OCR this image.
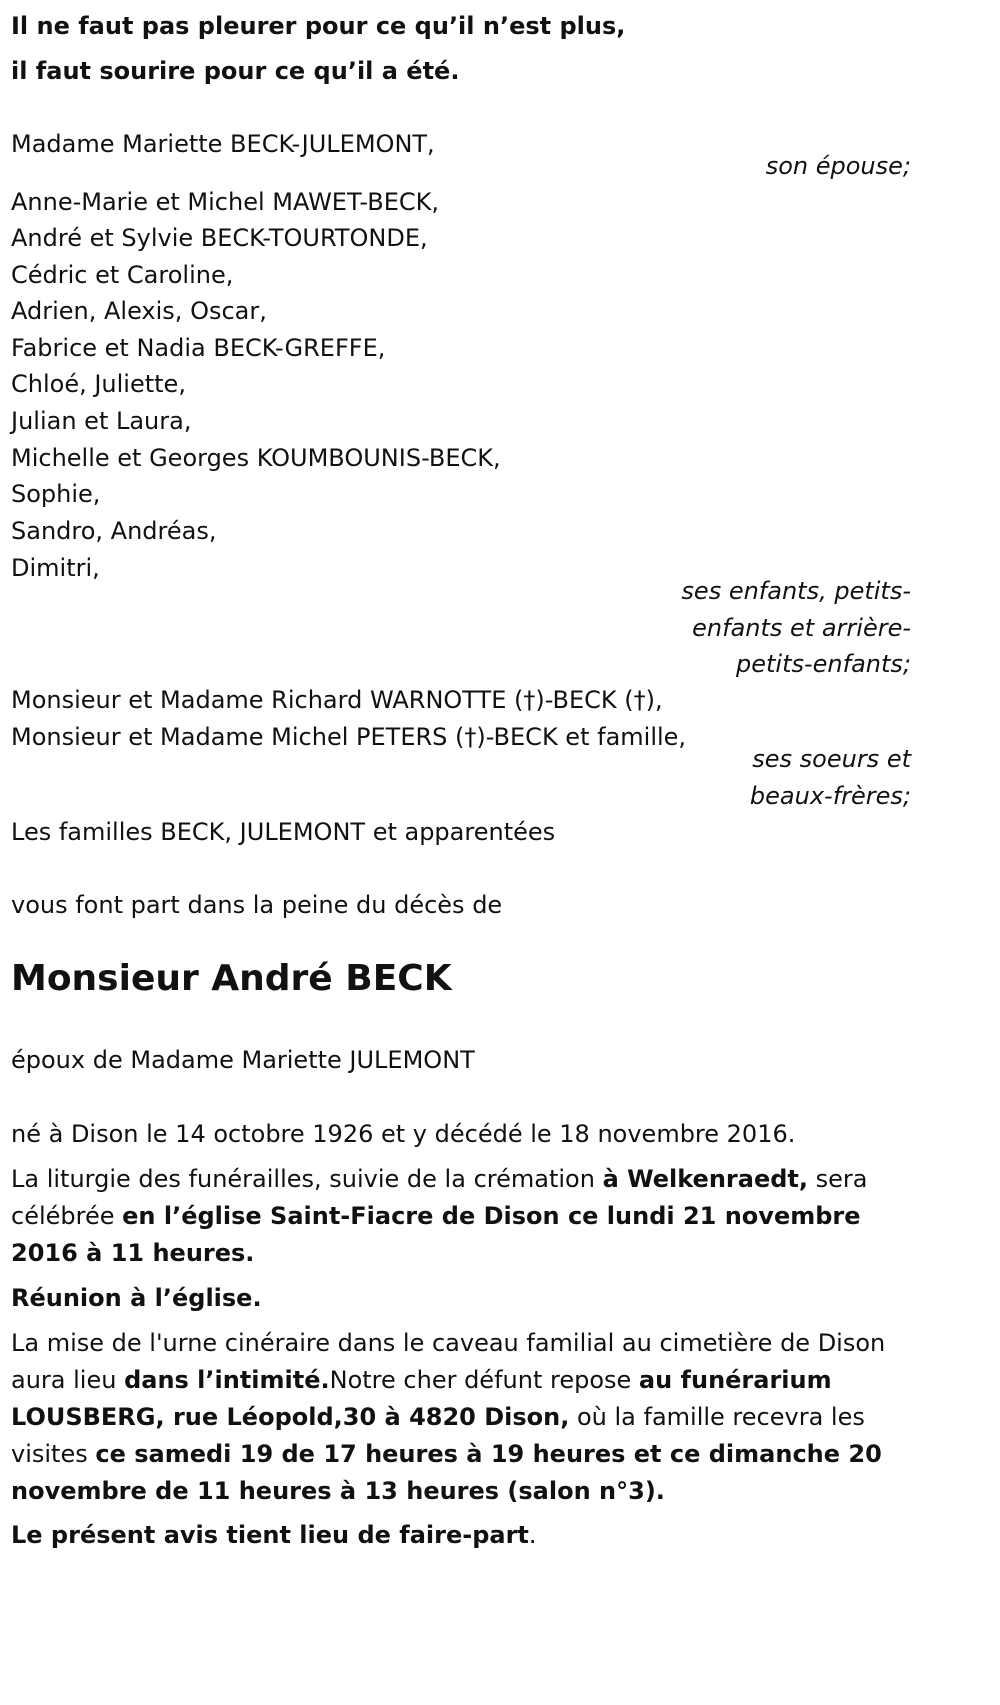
Il ne faut pas pleurer pour ce qu’il n’est plus,

il faut sourire pour ce qu’il a été.

Madame Mariette BECK-JULEMONT,

son épouse;

Anne-Marie et Michel MAWET-BECK,

André et Sylvie BECK-TOURTONDE,

Cédric et Caroline,

Adrien, Alexis, Oscar,

Fabrice et Nadia BECK-GREFFE,

Chloé, Juliette,

Julian et Laura,

Michelle et Georges KOUMBOUNIS-BECK,

Sophie,

Sandro, Andréas,

Dimitri,

ses enfants, petits-

enfants et arrière-

petits-enfants;

Monsieur et Madame Richard WARNOTTE (†)-BECK (†),

Monsieur et Madame Michel PETERS (†)-BECK et famille,

ses soeurs et

beaux-frères;

Les familles BECK, JULEMONT et apparentées

vous font part dans la peine du décès de

Monsieur André BECK

époux de Madame Mariette JULEMONT

né à Dison le 14 octobre 1926 et y décédé le 18 novembre 2016.

La liturgie des funérailles, suivie de la crémation à Welkenraedt, sera célébrée en l’église Saint-Fiacre de Dison ce lundi 21 novembre 2016 à 11 heures.

Réunion à l’église.

La mise de l'urne cinéraire dans le caveau familial au cimetière de Dison aura lieu dans l’intimité.Notre cher défunt repose au funérarium LOUSBERG, rue Léopold,30 à 4820 Dison, où la famille recevra les visites ce samedi 19 de 17 heures à 19 heures et ce dimanche 20 novembre de 11 heures à 13 heures (salon n°3).

Le présent avis tient lieu de faire-part.
